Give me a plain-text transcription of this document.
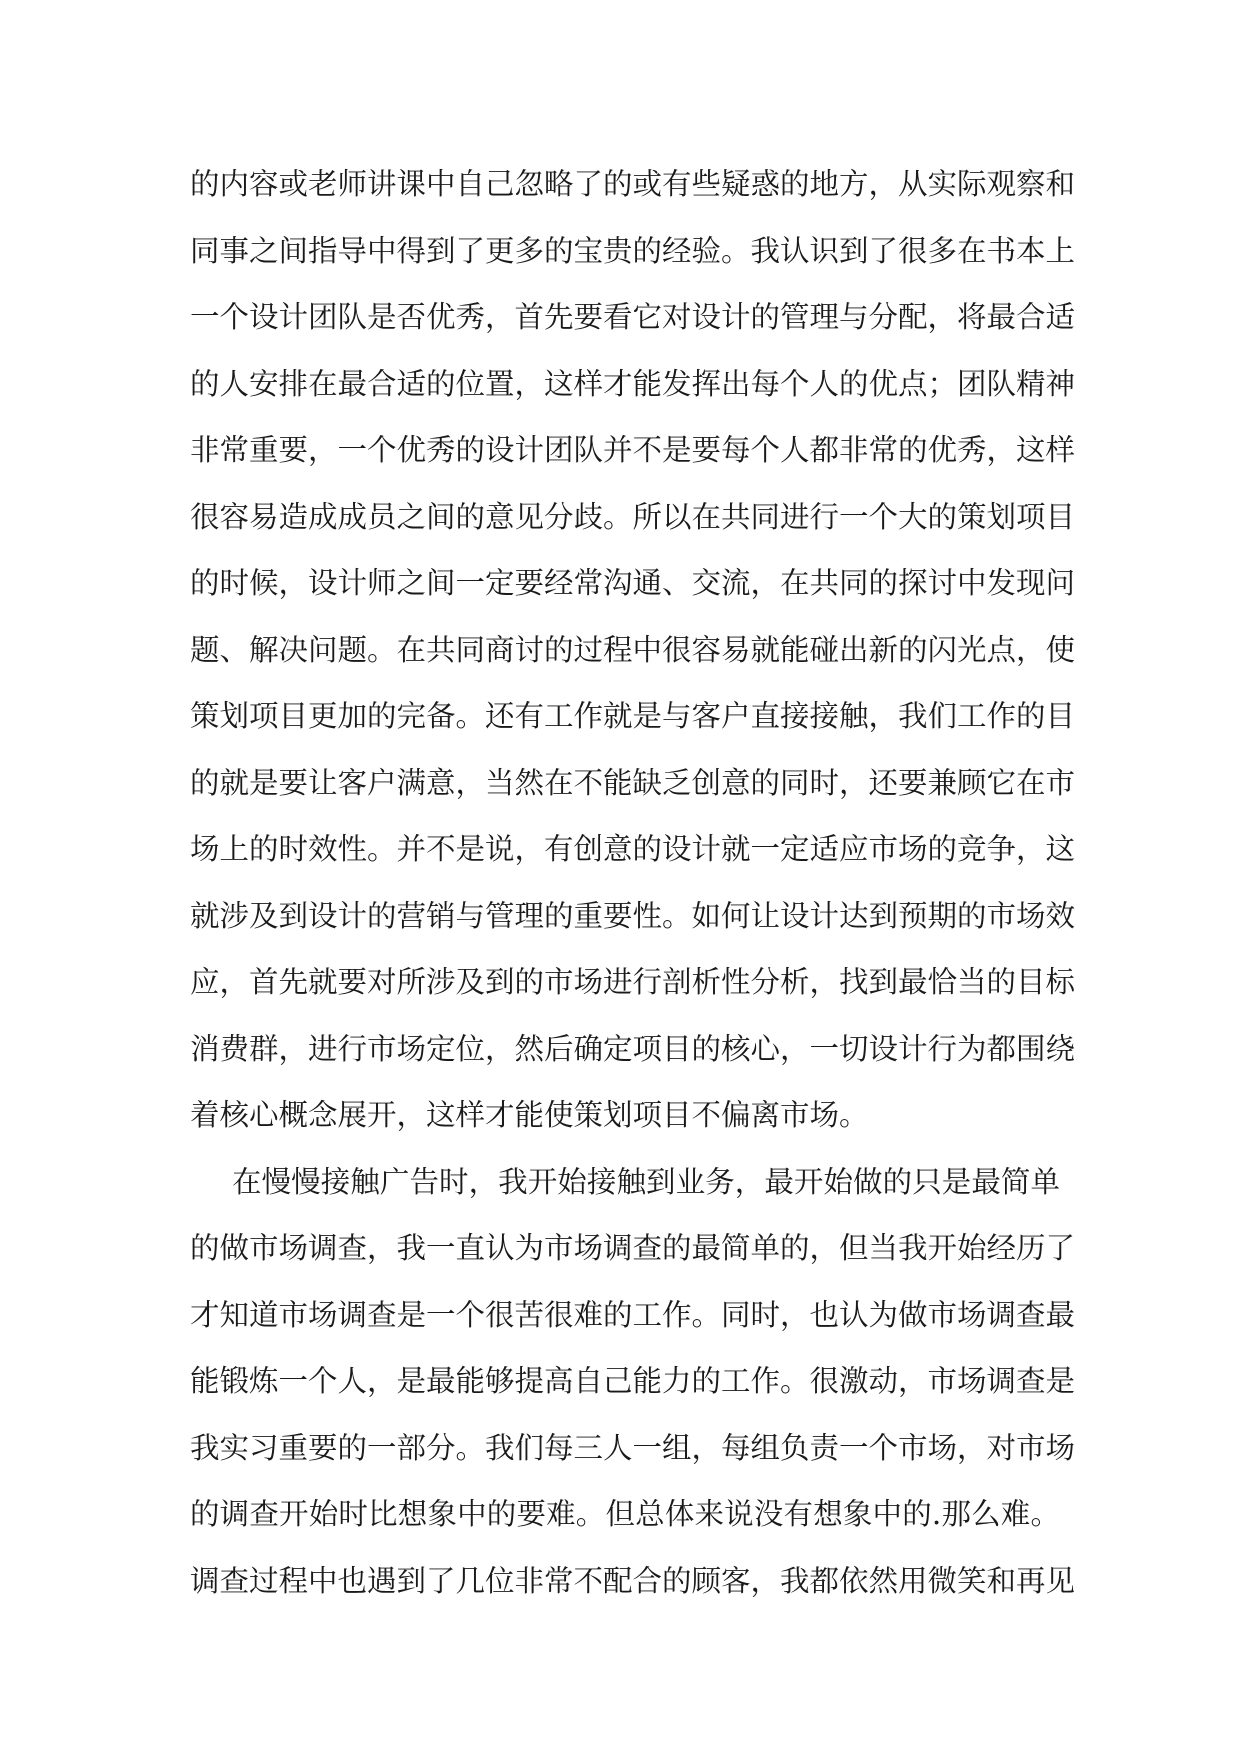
的内容或老师讲课中自己忽略了的或有些疑惑的地方，从实际观察和
同事之间指导中得到了更多的宝贵的经验。我认识到了很多在书本上
一个设计团队是否优秀，首先要看它对设计的管理与分配，将最合适
的人安排在最合适的位置，这样才能发挥出每个人的优点；团队精神
非常重要，一个优秀的设计团队并不是要每个人都非常的优秀，这样
很容易造成成员之间的意见分歧。所以在共同进行一个大的策划项目
的时候，设计师之间一定要经常沟通、交流，在共同的探讨中发现问
题、解决问题。在共同商讨的过程中很容易就能碰出新的闪光点，使
策划项目更加的完备。还有工作就是与客户直接接触，我们工作的目
的就是要让客户满意，当然在不能缺乏创意的同时，还要兼顾它在市
场上的时效性。并不是说，有创意的设计就一定适应市场的竞争，这
就涉及到设计的营销与管理的重要性。如何让设计达到预期的市场效
应，首先就要对所涉及到的市场进行剖析性分析，找到最恰当的目标
消费群，进行市场定位，然后确定项目的核心，一切设计行为都围绕
着核心概念展开，这样才能使策划项目不偏离市场。
在慢慢接触广告时，我开始接触到业务，最开始做的只是最简单
的做市场调查，我一直认为市场调查的最简单的，但当我开始经历了
才知道市场调查是一个很苦很难的工作。同时，也认为做市场调查最
能锻炼一个人，是最能够提高自己能力的工作。很激动，市场调查是
我实习重要的一部分。我们每三人一组，每组负责一个市场，对市场
的调查开始时比想象中的要难。但总体来说没有想象中的.那么难。
调查过程中也遇到了几位非常不配合的顾客，我都依然用微笑和再见
